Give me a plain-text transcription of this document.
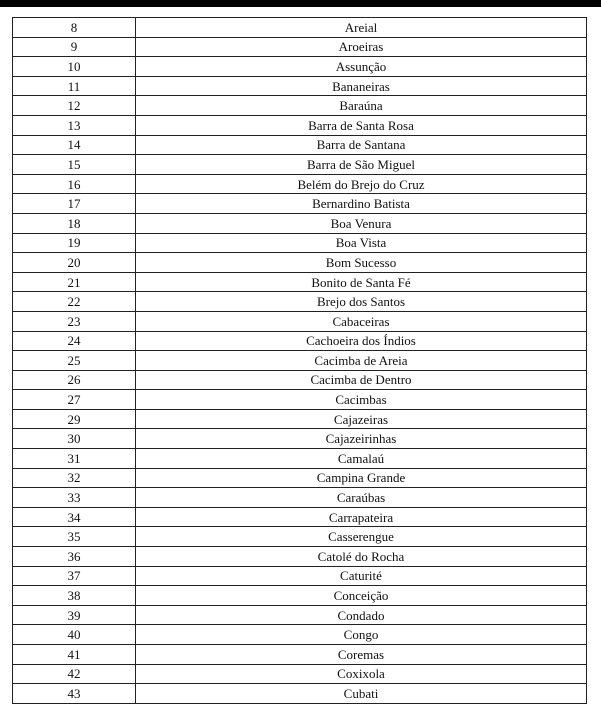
8	Areial
9	Aroeiras
10	Assunção
11	Bananeiras
12	Baraúna
13	Barra de Santa Rosa
14	Barra de Santana
15	Barra de São Miguel
16	Belém do Brejo do Cruz
17	Bernardino Batista
18	Boa Venura
19	Boa Vista
20	Bom Sucesso
21	Bonito de Santa Fé
22	Brejo dos Santos
23	Cabaceiras
24	Cachoeira dos Índios
25	Cacimba de Areia
26	Cacimba de Dentro
27	Cacimbas
29	Cajazeiras
30	Cajazeirinhas
31	Camalaú
32	Campina Grande
33	Caraúbas
34	Carrapateira
35	Casserengue
36	Catolé do Rocha
37	Caturité
38	Conceição
39	Condado
40	Congo
41	Coremas
42	Coxixola
43	Cubati
